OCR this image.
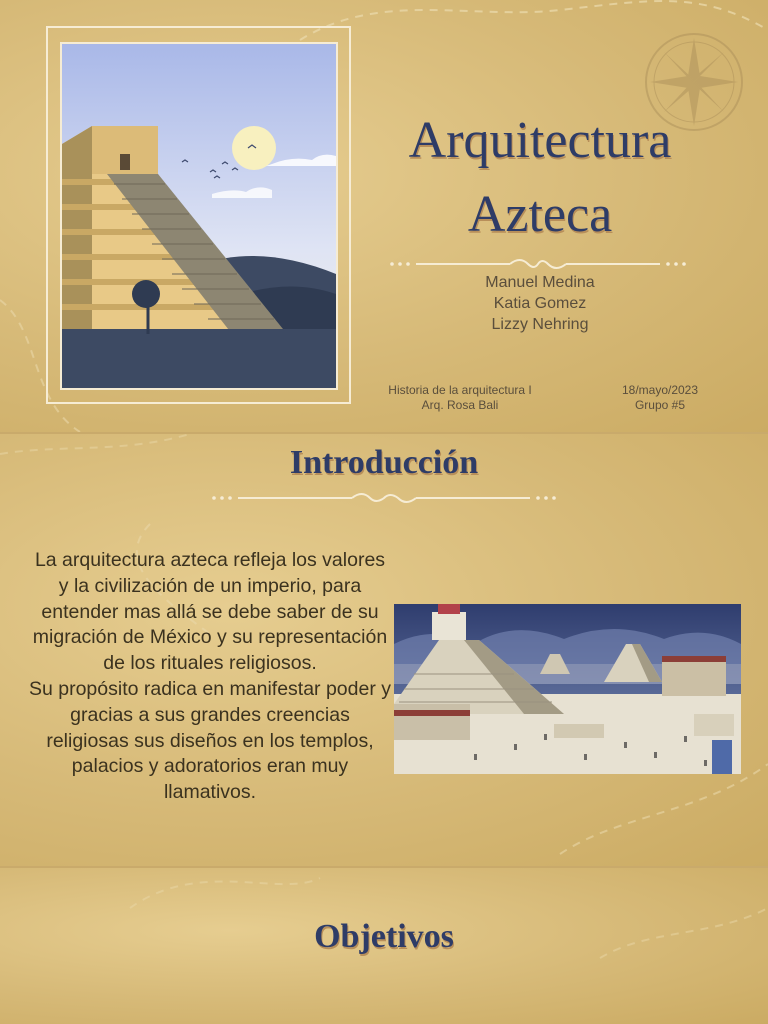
Arquitectura
Azteca
Manuel Medina
Katia Gomez
Lizzy Nehring
Historia de la arquitectura I
Arq. Rosa Bali
18/mayo/2023
Grupo #5
Introducción
La arquitectura azteca refleja los valores y la civilización de un imperio, para entender mas allá se debe saber de su migración de México y su representación de los rituales religiosos.
Su propósito radica en manifestar poder y gracias a sus grandes creencias religiosas sus diseños en los templos, palacios y adoratorios eran muy llamativos.
Objetivos
